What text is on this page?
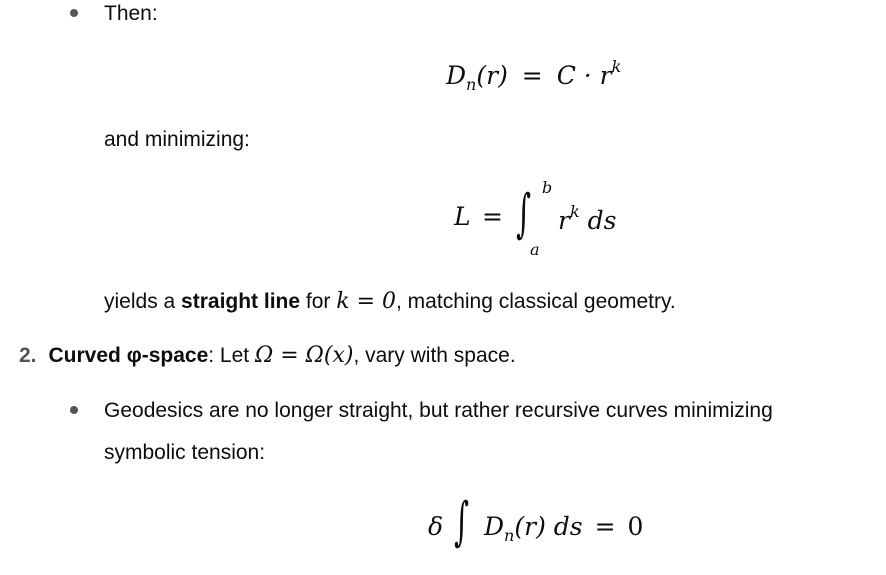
Then:
$D_n(r) = C \cdot r^k$
and minimizing:
L = ∫ b
a
$r^k$ ds
yields a straight line for k = 0, matching classical geometry.
2. Curved φ-space: Let Ω = Ω(x), vary with space.
Geodesics are no longer straight, but rather recursive curves minimizing
symbolic tension:
δ ∫ $D_n(r)$ ds = 0
